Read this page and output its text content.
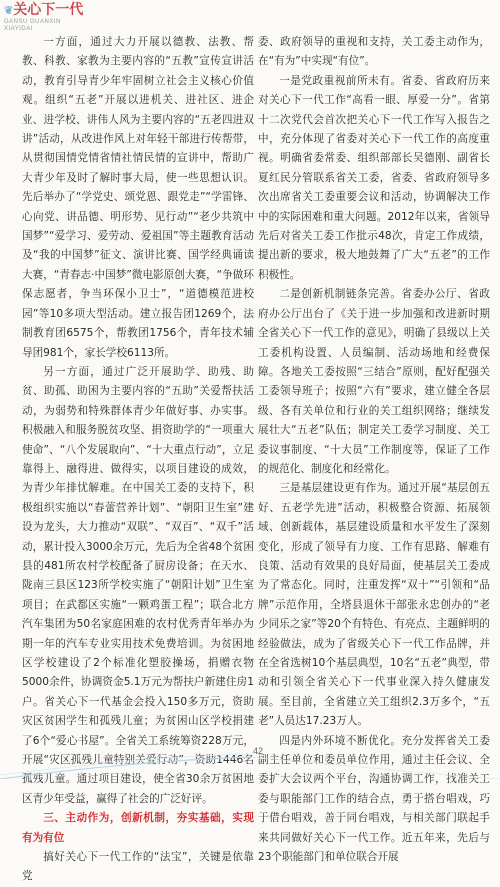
❦关心下一代
GANSU GUANXIN
XIAYIDAI

一方面，通过大力开展以德教、法教、帮教、科教、家教为主要内容的“五教”宣传宣讲活动，教育引导青少年牢固树立社会主义核心价值观。组织“五老”开展以进机关、进社区、进企业、进学校、讲伟人风为主要内容的“五老四进双讲”活动，从改进作风上对年轻干部进行传帮带，从贯彻国情党情省情社情民情的宣讲中，帮助广大青少年及时了解时事大局，使一些思想认识。先后举办了“学党史、颂党恩、跟党走”“学雷锋、心向党、讲品德、明形势、见行动”“老少共筑中国梦”“爱学习、爱劳动、爱祖国”等主题教育活动及“我的中国梦”征文、演讲比赛、国学经典诵读大赛，“青春志·中国梦”微电影原创大赛，“争做环保志愿者，争当环保小卫士”，“道德模范进校园”等10多项大型活动。建立报告团1269个，法制教育团6575个，帮教团1756个，青年技术辅导团981个，家长学校6113所。

另一方面，通过广泛开展助学、助残、助贫、助孤、助困为主要内容的“五助”关爱帮扶活动，为弱势和特殊群体青少年做好事、办实事。积极融入和服务脱贫攻坚、捐资助学的“一项重大使命”、“八个发展取向”、“十大重点行动”，立足靠得上、融得进、做得实，以项目建设的成效，为青少年排忧解难。在中国关工委的支持下，积极组织实施以“春蕾营养计划”、“朝阳卫生室”建设为龙头，大力推动“双联”、“双百”、“双千”活动，累计投入3000余万元，先后为全省48个贫困县的481所农村学校配备了厨房设备；在天水、陇南三县区123所学校实施了“朝阳计划”卫生室项目；在武都区实施“一颗鸡蛋工程”；联合北方汽车集团为50名家庭困难的农村优秀青年举办为期一年的汽车专业实用技术免费培训。为贫困地区学校建设了2个标准化塑胶操场，捐赠衣物5000余件，协调资金5.1万元为帮扶户新建住房1户。省关心下一代基金会投入150多万元，资助灾区贫困学生和孤残儿童；为贫困山区学校捐建了6个“爱心书屋”。全省关工系统筹资228万元，开展“灾区孤残儿童特别关爱行动”，资助1446名孤残儿童。通过项目建设，使全省30余万贫困地区青少年受益，赢得了社会的广泛好评。

三、主动作为，创新机制，夯实基础，实现有为有位

搞好关心下一代工作的“法宝”，关键是依靠党

委、政府领导的重视和支持，关工委主动作为，在“有为”中实现“有位”。

一是党政重视前所未有。省委、省政府历来对关心下一代工作“高看一眼、厚爱一分”。省第十二次党代会首次把关心下一代工作写入报告之中，充分体现了省委对关心下一代工作的高度重视。明确省委常委、组织部部长吴德刚、副省长夏红民分管联系省关工委，省委、省政府领导多次出席省关工委重要会议和活动，协调解决工作中的实际困难和重大问题。2012年以来，省领导先后对省关工委工作批示48次，肯定工作成绩，提出新的要求，极大地鼓舞了广大“五老”的工作积极性。

二是创新机制链条完善。省委办公厅、省政府办公厅出台了《关于进一步加强和改进新时期全省关心下一代工作的意见》，明确了县级以上关工委机构设置、人员编制、活动场地和经费保障。各地关工委按照“三结合”原则，配好配强关工委领导班子；按照“六有”要求，建立健全各层级、各有关单位和行业的关工组织网络；继续发展壮大“五老”队伍；制定关工委学习制度、关工委议事制度、“十大员”工作制度等，保证了工作的规范化、制度化和经常化。

三是基层建设更有作为。通过开展“基层创五好、五老学先进”活动，积极整合资源、拓展领域、创新载体，基层建设质量和水平发生了深刻变化，形成了领导有力度、工作有思路、解难有良策、活动有效果的良好局面，使基层关工委成为了常态化。同时，注重发挥“双十”“引领和“品牌”示范作用，全塔县退休干部张永忠创办的“老少同乐之家”等20个有特色、有亮点、主题鲜明的经验做法，成为了省级关心下一代工作品牌，并在全省选树10个基层典型，10名“五老”典型，带动和引领全省关心下一代事业深入持久健康发展。至目前，全省建立关工组织2.3万多个，“五老”人员达17.23万人。

四是内外环境不断优化。充分发挥省关工委副主任单位和委员单位作用，通过主任会议、全委扩大会议两个平台，沟通协调工作，找准关工委与职能部门工作的结合点，勇于搭台唱戏，巧于借台唱戏，善于同台唱戏，与相关部门联起手来共同做好关心下一代工作。近五年来，先后与23个职能部门和单位联合开展

42
